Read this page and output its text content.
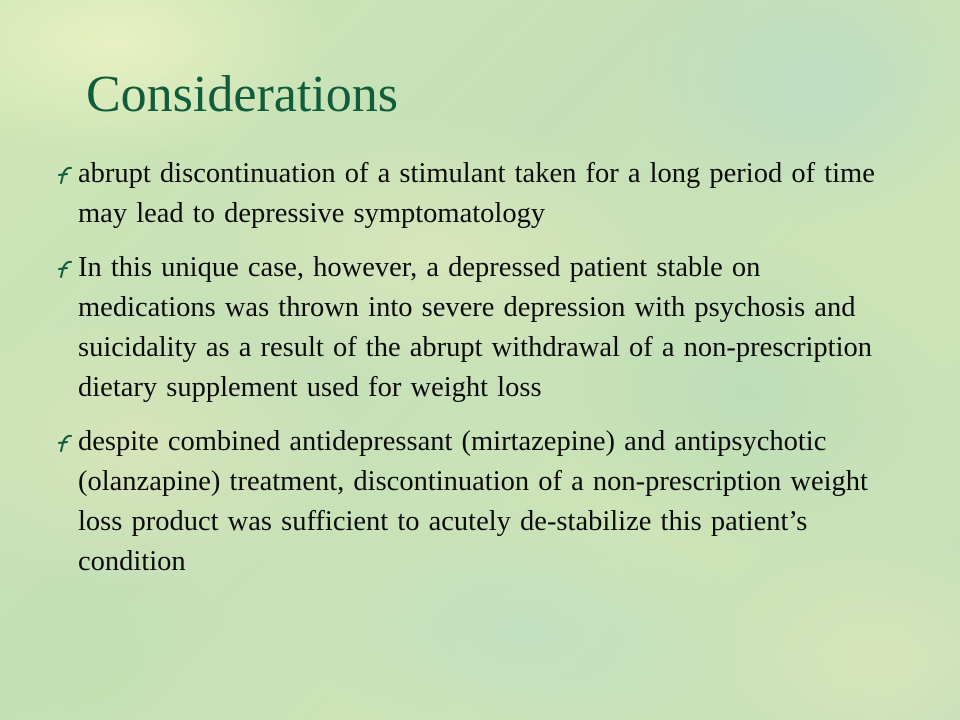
Considerations
abrupt discontinuation of a stimulant taken for a long period of time may lead to depressive symptomatology
In this unique case, however, a depressed patient stable on medications was thrown into severe depression with psychosis and suicidality as a result of the abrupt withdrawal of a non-prescription dietary supplement used for weight loss
despite combined antidepressant (mirtazepine) and antipsychotic (olanzapine) treatment, discontinuation of a non-prescription weight loss product was sufficient to acutely de-stabilize this patient’s condition
